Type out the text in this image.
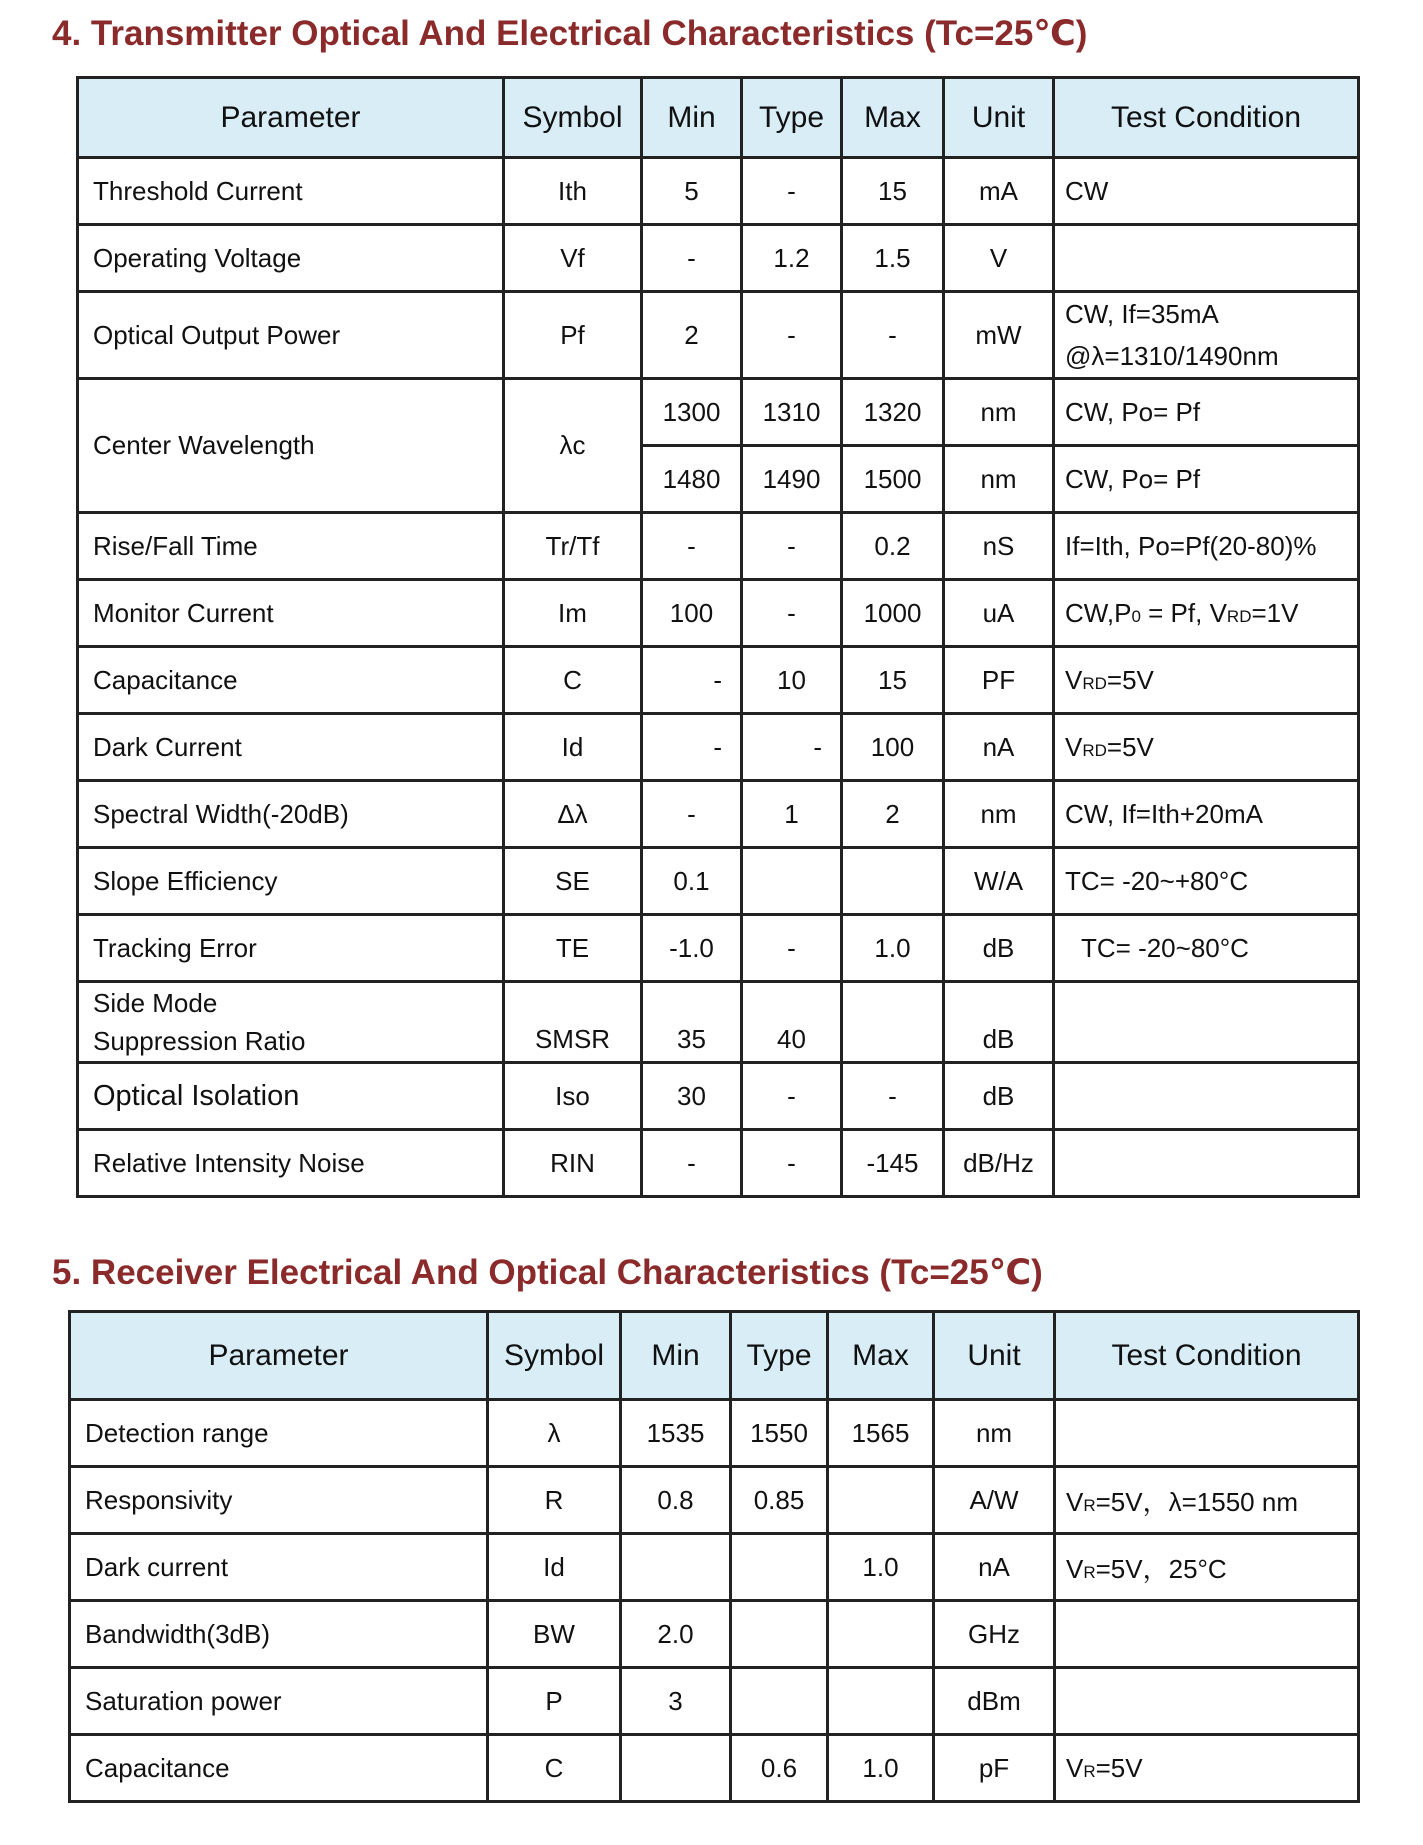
4. Transmitter Optical And Electrical Characteristics (Tc=25℃)
Parameter	Symbol	Min	Type	Max	Unit	Test Condition
Threshold Current	Ith	5	-	15	mA	CW
Operating Voltage	Vf	-	1.2	1.5	V	
Optical Output Power	Pf	2	-	-	mW	CW, If=35mA
@λ=1310/1490nm

Center Wavelength	λc	1300	1310	1320	nm	CW, Po= Pf
		1480	1490	1500	nm	CW, Po= Pf
Rise/Fall Time	Tr/Tf	-	-	0.2	nS	If=Ith, Po=Pf(20-80)%
Monitor Current	Im	100	-	1000	uA	CW,P0 = Pf, VRD=1V
Capacitance	C	-	10	15	PF	VRD=5V
Dark Current	Id	-	-	100	nA	VRD=5V
Spectral Width(-20dB)	Δλ	-	1	2	nm	CW, If=Ith+20mA
Slope Efficiency	SE	0.1			W/A	TC= -20~+80°C
Tracking Error	TE	-1.0	-	1.0	dB	TC= -20~80°C

Side Mode
Suppression Ratio	SMSR	35	40		dB	
Optical Isolation	Iso	30	-	-	dB	
Relative Intensity Noise	RIN	-	-	-145	dB/Hz	
5. Receiver Electrical And Optical Characteristics (Tc=25℃)
Parameter	Symbol	Min	Type	Max	Unit	Test Condition
Detection range	λ	1535	1550	1565	nm	
Responsivity	R	0.8	0.85		A/W	VR=5V，λ=1550 nm
Dark current	Id			1.0	nA	VR=5V，25°C
Bandwidth(3dB)	BW	2.0			GHz	
Saturation power	P	3			dBm	
Capacitance	C		0.6	1.0	pF	VR=5V
